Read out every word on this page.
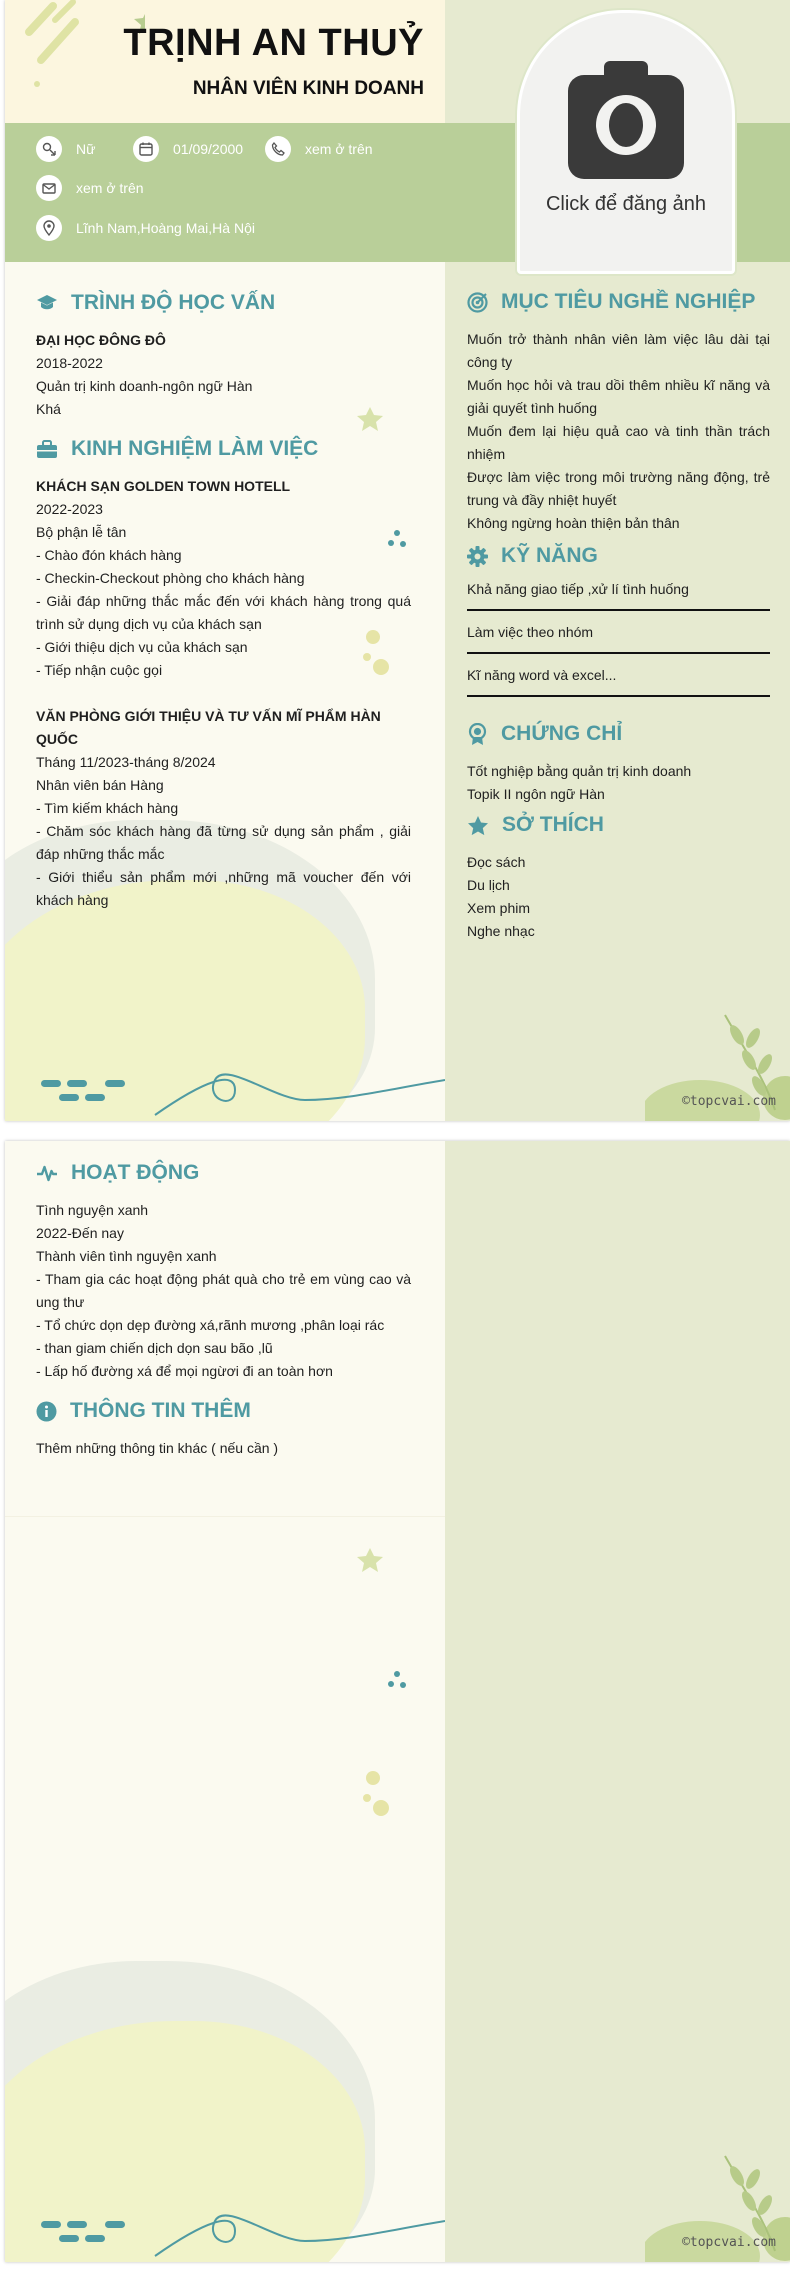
TRỊNH AN THUỶ
NHÂN VIÊN KINH DOANH
Nữ	01/09/2000	xem ở trên
xem ở trên
Lĩnh Nam,Hoàng Mai,Hà Nội
Click để đăng ảnh
TRÌNH ĐỘ HỌC VẤN
ĐẠI HỌC ĐÔNG ĐÔ
2018-2022
Quản trị kinh doanh-ngôn ngữ Hàn
Khá
KINH NGHIỆM LÀM VIỆC
KHÁCH SẠN GOLDEN TOWN HOTELL
2022-2023
Bộ phận lễ tân
- Chào đón khách hàng
- Checkin-Checkout phòng cho khách hàng
- Giải đáp những thắc mắc đến với khách hàng trong quá trình sử dụng dịch vụ của khách sạn
- Giới thiệu dịch vụ của khách sạn
- Tiếp nhận cuộc gọi
VĂN PHÒNG GIỚI THIỆU VÀ TƯ VẤN MĨ PHẨM HÀN QUỐC
Tháng 11/2023-tháng 8/2024
Nhân viên bán Hàng
- Tìm kiếm khách hàng
- Chăm sóc khách hàng đã từng sử dụng sản phẩm , giải đáp những thắc mắc
- Giới thiểu sản phẩm mới ,những mã voucher đến với khách hàng
MỤC TIÊU NGHỀ NGHIỆP
Muốn trở thành nhân viên làm việc lâu dài tại công ty
Muốn học hỏi và trau dồi thêm nhiều kĩ năng và giải quyết tình huống
Muốn đem lại hiệu quả cao và tinh thần trách nhiệm
Được làm việc trong môi trường năng động, trẻ trung và đầy nhiệt huyết
Không ngừng hoàn thiện bản thân
KỸ NĂNG
Khả năng giao tiếp ,xử lí tình huống
Làm việc theo nhóm
Kĩ năng word và excel...
CHỨNG CHỈ
Tốt nghiệp bằng quản trị kinh doanh
Topik II ngôn ngữ Hàn
SỞ THÍCH
Đọc sách
Du lịch
Xem phim
Nghe nhạc
©topcvai.com
HOẠT ĐỘNG
Tình nguyện xanh
2022-Đến nay
Thành viên tình nguyện xanh
- Tham gia các hoạt động phát quà cho trẻ em vùng cao và ung thư
- Tổ chức dọn dẹp đường xá,rãnh mương ,phân loại rác
- than giam chiến dịch dọn sau bão ,lũ
- Lấp hố đường xá để mọi ngừơi đi an toàn hơn
THÔNG TIN THÊM
Thêm những thông tin khác ( nếu cần )
©topcvai.com
